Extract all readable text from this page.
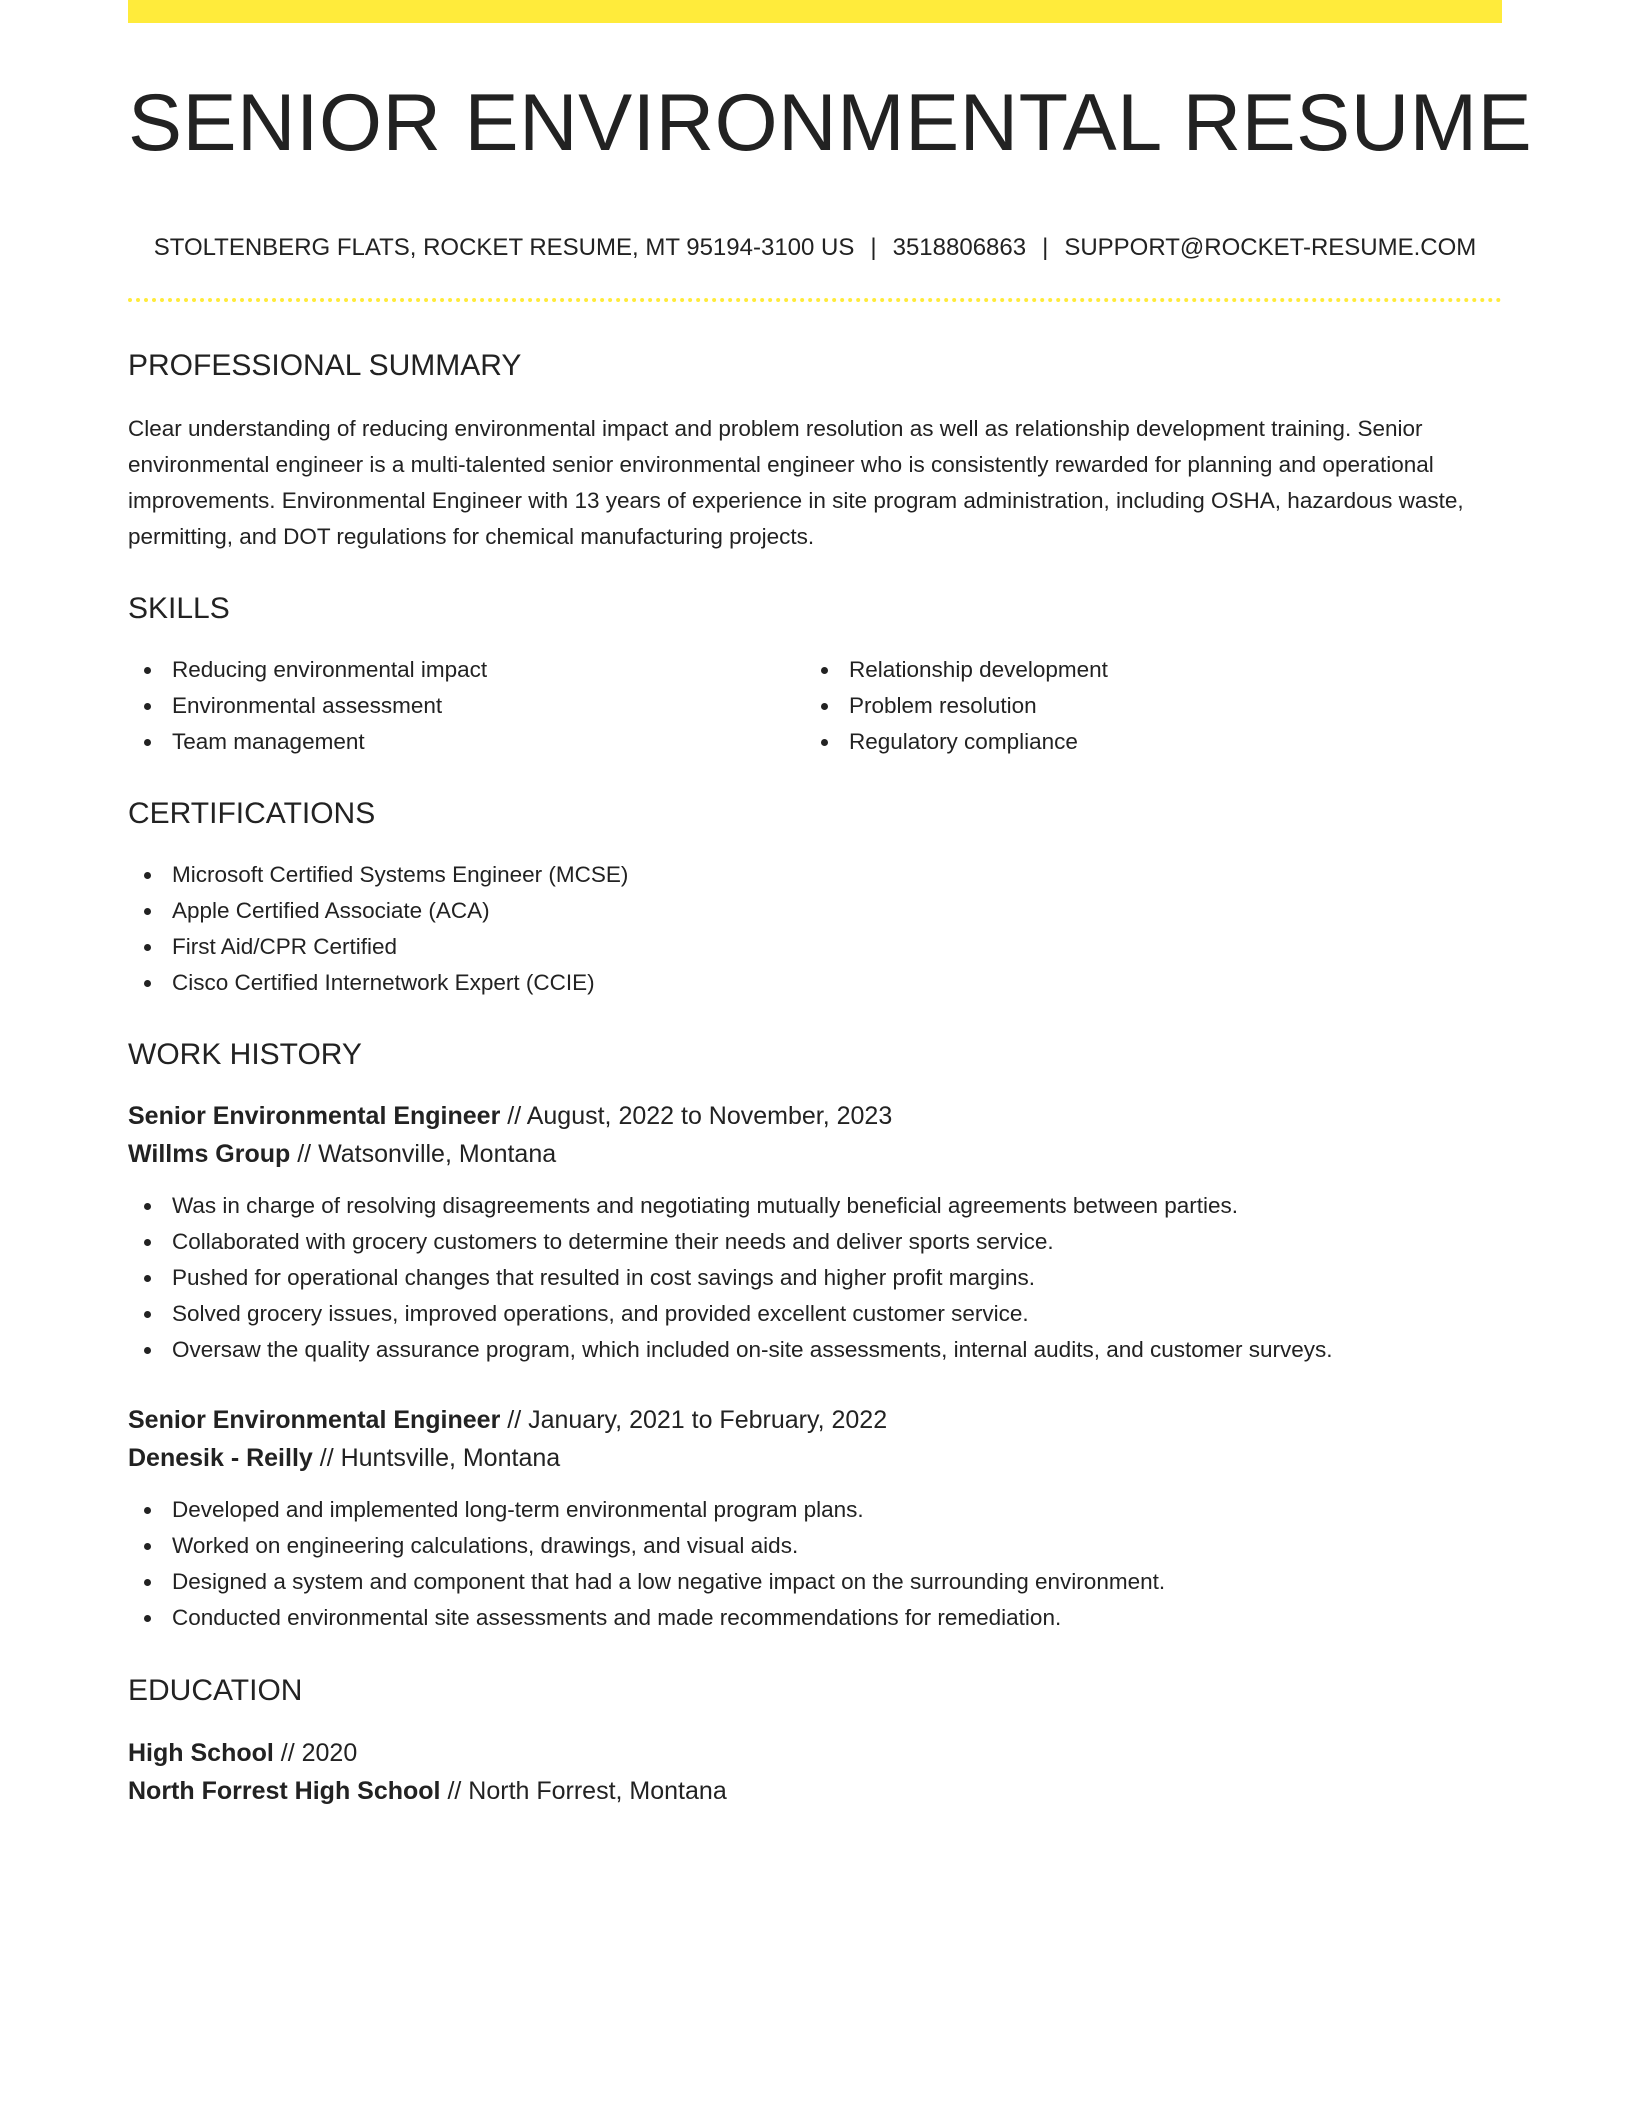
SENIOR ENVIRONMENTAL RESUME
STOLTENBERG FLATS, ROCKET RESUME, MT 95194-3100 US | 3518806863 | SUPPORT@ROCKET-RESUME.COM
PROFESSIONAL SUMMARY

Clear understanding of reducing environmental impact and problem resolution as well as relationship development training. Senior environmental engineer is a multi-talented senior environmental engineer who is consistently rewarded for planning and operational improvements. Environmental Engineer with 13 years of experience in site program administration, including OSHA, hazardous waste, permitting, and DOT regulations for chemical manufacturing projects.

SKILLS
Reducing environmental impact
Environmental assessment
Team management
Relationship development
Problem resolution
Regulatory compliance
CERTIFICATIONS
Microsoft Certified Systems Engineer (MCSE)
Apple Certified Associate (ACA)
First Aid/CPR Certified
Cisco Certified Internetwork Expert (CCIE)
WORK HISTORY
Senior Environmental Engineer // August, 2022 to November, 2023
Willms Group // Watsonville, Montana
Was in charge of resolving disagreements and negotiating mutually beneficial agreements between parties.
Collaborated with grocery customers to determine their needs and deliver sports service.
Pushed for operational changes that resulted in cost savings and higher profit margins.
Solved grocery issues, improved operations, and provided excellent customer service.
Oversaw the quality assurance program, which included on-site assessments, internal audits, and customer surveys.
Senior Environmental Engineer // January, 2021 to February, 2022
Denesik - Reilly // Huntsville, Montana
Developed and implemented long-term environmental program plans.
Worked on engineering calculations, drawings, and visual aids.
Designed a system and component that had a low negative impact on the surrounding environment.
Conducted environmental site assessments and made recommendations for remediation.
EDUCATION
High School // 2020
North Forrest High School // North Forrest, Montana
